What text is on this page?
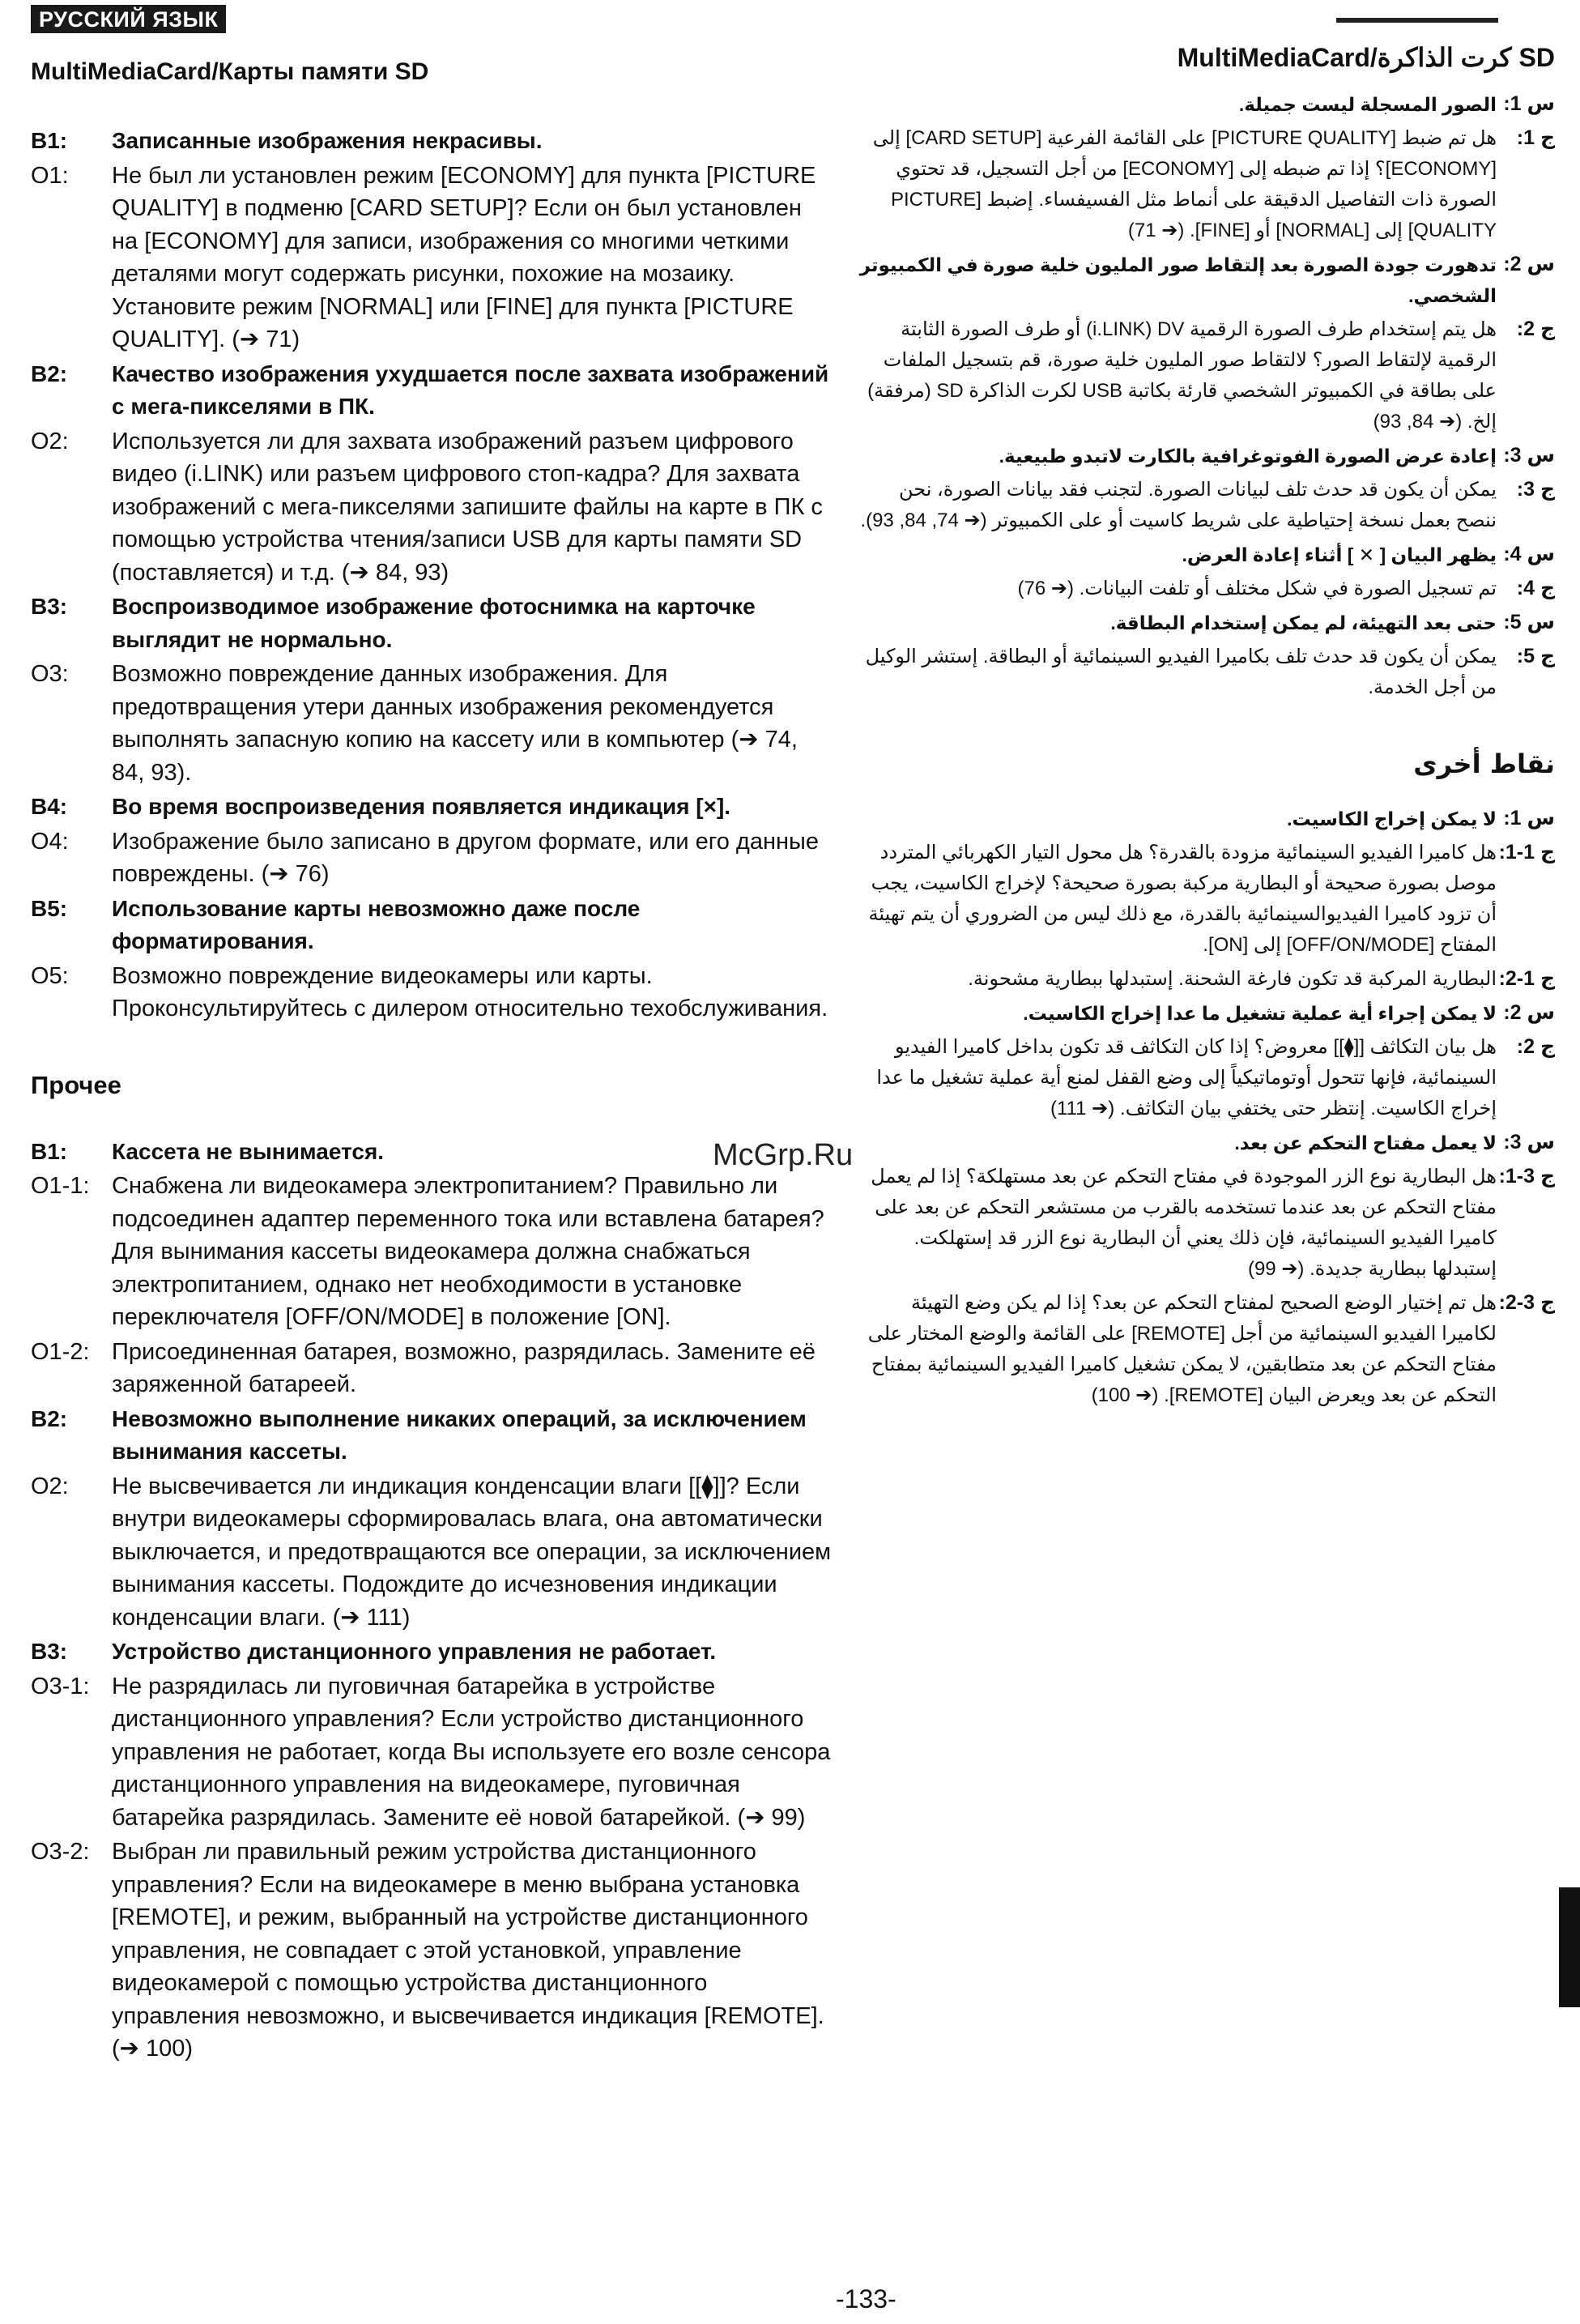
РУССКИЙ ЯЗЫК
MultiMediaCard/Карты памяти SD
B1:	Записанные изображения некрасивы.
O1:	Не был ли установлен режим [ECONOMY] для пункта [PICTURE QUALITY] в подменю [CARD SETUP]? Если он был установлен на [ECONOMY] для записи, изображения со многими четкими деталями могут содержать рисунки, похожие на мозаику. Установите режим [NORMAL] или [FINE] для пункта [PICTURE QUALITY]. (➔ 71)
B2:	Качество изображения ухудшается после захвата изображений с мега-пикселями в ПК.
O2:	Используется ли для захвата изображений разъем цифрового видео (i.LINK) или разъем цифрового стоп-кадра? Для захвата изображений с мега-пикселями запишите файлы на карте в ПК с помощью устройства чтения/записи USB для карты памяти SD (поставляется) и т.д. (➔ 84, 93)
B3:	Воспроизводимое изображение фотоснимка на карточке выглядит не нормально.
O3:	Возможно повреждение данных изображения. Для предотвращения утери данных изображения рекомендуется выполнять запасную копию на кассету или в компьютер (➔ 74, 84, 93).
B4:	Во время воспроизведения появляется индикация [×].
O4:	Изображение было записано в другом формате, или его данные повреждены. (➔ 76)
B5:	Использование карты невозможно даже после форматирования.
O5:	Возможно повреждение видеокамеры или карты. Проконсультируйтесь с дилером относительно техобслуживания.
Прочее
B1:	Кассета не вынимается.
O1-1: Снабжена ли видеокамера электропитанием? Правильно ли подсоединен адаптер переменного тока или вставлена батарея? Для вынимания кассеты видеокамера должна снабжаться электропитанием, однако нет необходимости в установке переключателя [OFF/ON/MODE] в положение [ON].
O1-2: Присоединенная батарея, возможно, разрядилась. Замените её заряженной батареей.
B2:	Невозможно выполнение никаких операций, за исключением вынимания кассеты.
O2:	Не высвечивается ли индикация конденсации влаги [[⧫]]? Если внутри видеокамеры сформировалась влага, она автоматически выключается, и предотвращаются все операции, за исключением вынимания кассеты. Подождите до исчезновения индикации конденсации влаги. (➔ 111)
B3:	Устройство дистанционного управления не работает.
O3-1: Не разрядилась ли пуговичная батарейка в устройстве дистанционного управления? Если устройство дистанционного управления не работает, когда Вы используете его возле сенсора дистанционного управления на видеокамере, пуговичная батарейка разрядилась. Замените её новой батарейкой. (➔ 99)
O3-2: Выбран ли правильный режим устройства дистанционного управления? Если на видеокамере в меню выбрана установка [REMOTE], и режим, выбранный на устройстве дистанционного управления, не совпадает с этой установкой, управление видеокамерой с помощью устройства дистанционного управления невозможно, и высвечивается индикация [REMOTE]. (➔ 100)
SD كرت الذاكرة/MultiMediaCard
س 1:
الصور المسجلة ليست جميلة.
ج 1:
هل تم ضبط [PICTURE QUALITY] على القائمة الفرعية [CARD SETUP] إلى [ECONOMY]؟ إذا تم ضبطه إلى [ECONOMY] من أجل التسجيل، قد تحتوي الصورة ذات التفاصيل الدقيقة على أنماط مثل الفسيفساء. إضبط [PICTURE QUALITY] إلى [NORMAL] أو [FINE]. (➔ 71)
س 2:
تدهورت جودة الصورة بعد إلتقاط صور المليون خلية صورة في الكمبيوتر الشخصي.
ج 2:
هل يتم إستخدام طرف الصورة الرقمية i.LINK) DV) أو طرف الصورة الثابتة الرقمية لإلتقاط الصور؟ لالتقاط صور المليون خلية صورة، قم بتسجيل الملفات على بطاقة في الكمبيوتر الشخصي قارئة بكاتبة USB لكرت الذاكرة SD (مرفقة) إلخ. (➔ 84, 93)
س 3:
إعادة عرض الصورة الفوتوغرافية بالكارت لاتبدو طبيعية.
ج 3:
يمكن أن يكون قد حدث تلف لبيانات الصورة. لتجنب فقد بيانات الصورة، نحن ننصح بعمل نسخة إحتياطية على شريط كاسيت أو على الكمبيوتر (➔ 74, 84, 93).
س 4:
يظهر البيان [ ✕ ] أثناء إعادة العرض.
ج 4:
تم تسجيل الصورة في شكل مختلف أو تلفت البيانات. (➔ 76)
س 5:
حتى بعد التهيئة، لم يمكن إستخدام البطاقة.
ج 5:
يمكن أن يكون قد حدث تلف بكاميرا الفيديو السينمائية أو البطاقة. إستشر الوكيل من أجل الخدمة.
نقاط أخرى
س 1:
لا يمكن إخراج الكاسيت.
ج 1-1:
هل كاميرا الفيديو السينمائية مزودة بالقدرة؟ هل محول التيار الكهربائي المتردد موصل بصورة صحيحة أو البطارية مركبة بصورة صحيحة؟ لإخراج الكاسيت، يجب أن تزود كاميرا الفيديوالسينمائية بالقدرة، مع ذلك ليس من الضروري أن يتم تهيئة المفتاح [OFF/ON/MODE] إلى [ON].
ج 1-2:
البطارية المركبة قد تكون فارغة الشحنة. إستبدلها ببطارية مشحونة.
س 2:
لا يمكن إجراء أية عملية تشغيل ما عدا إخراج الكاسيت.
ج 2:
هل بيان التكاثف [[⧫]] معروض؟ إذا كان التكاثف قد تكون بداخل كاميرا الفيديو السينمائية، فإنها تتحول أوتوماتيكياً إلى وضع القفل لمنع أية عملية تشغيل ما عدا إخراج الكاسيت. إنتظر حتى يختفي بيان التكاثف. (➔ 111)
س 3:
لا يعمل مفتاح التحكم عن بعد.
ج 3-1:
هل البطارية نوع الزر الموجودة في مفتاح التحكم عن بعد مستهلكة؟ إذا لم يعمل مفتاح التحكم عن بعد عندما تستخدمه بالقرب من مستشعر التحكم عن بعد على كاميرا الفيديو السينمائية، فإن ذلك يعني أن البطارية نوع الزر قد إستهلكت. إستبدلها ببطارية جديدة. (➔ 99)
ج 3-2:
هل تم إختيار الوضع الصحيح لمفتاح التحكم عن بعد؟ إذا لم يكن وضع التهيئة لكاميرا الفيديو السينمائية من أجل [REMOTE] على القائمة والوضع المختار على مفتاح التحكم عن بعد متطابقين، لا يمكن تشغيل كاميرا الفيديو السينمائية بمفتاح التحكم عن بعد ويعرض البيان [REMOTE]. (➔ 100)
McGrp.Ru
-133-
